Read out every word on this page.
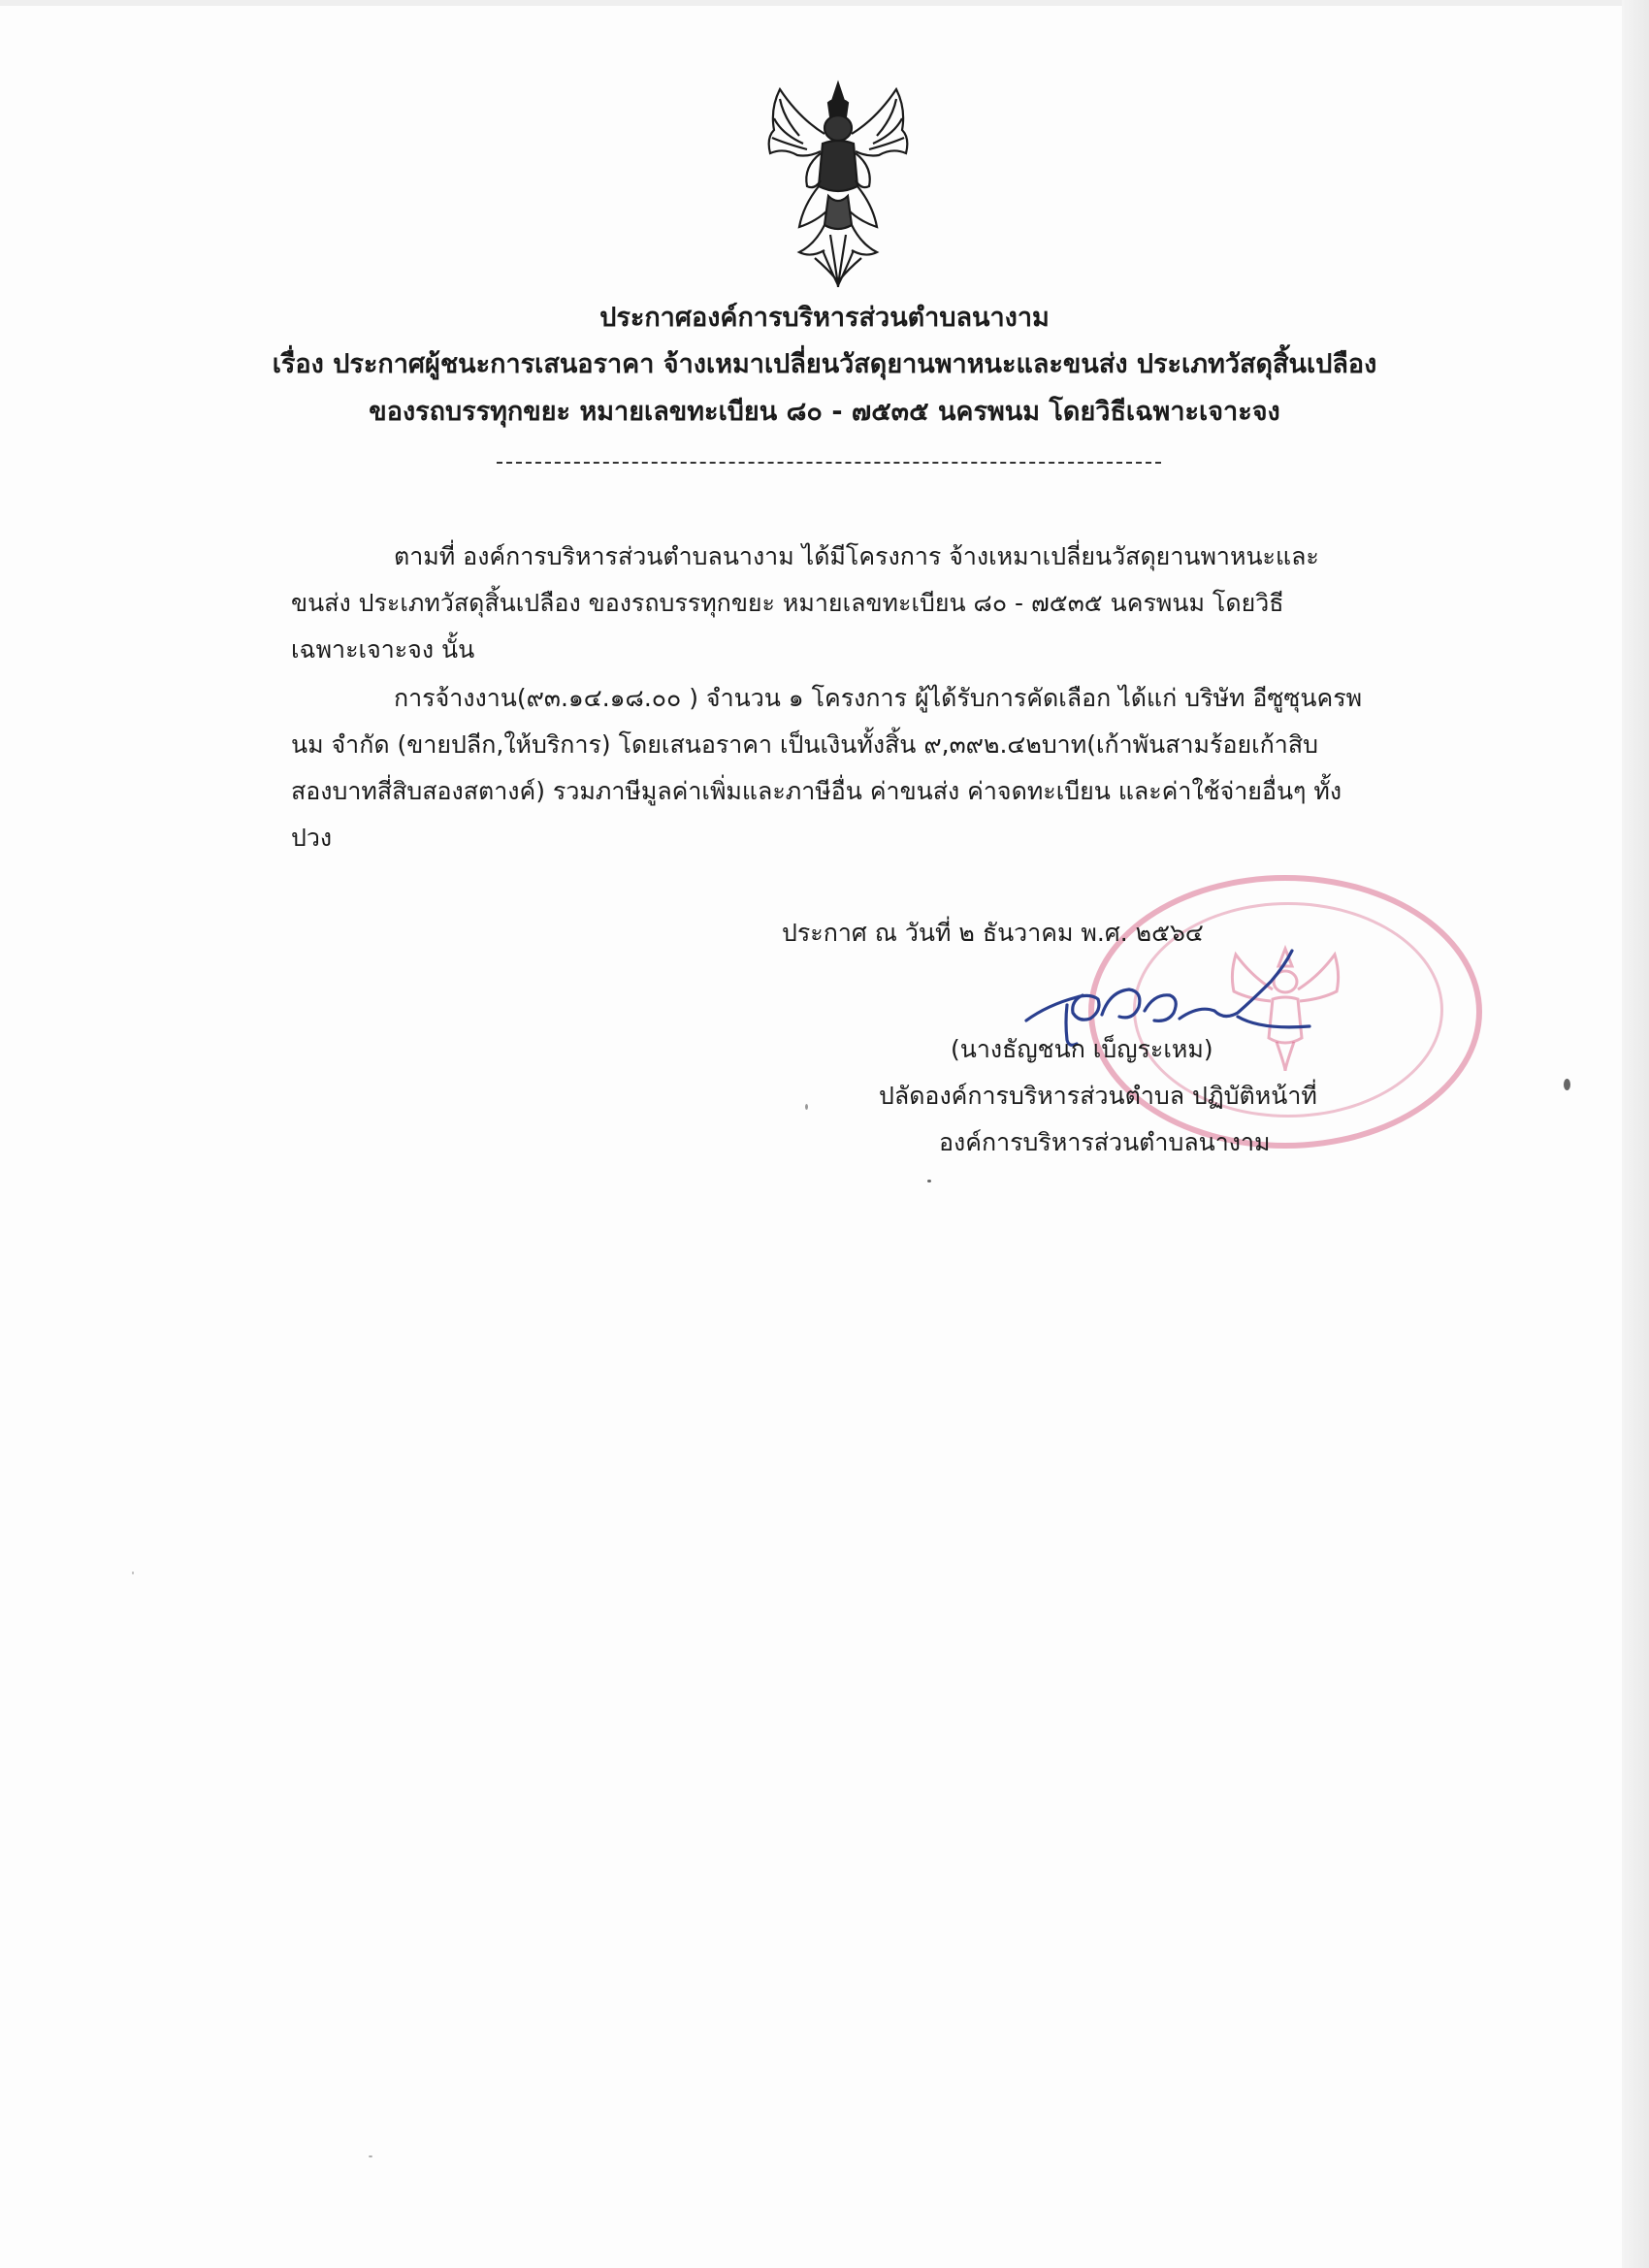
ประกาศองค์การบริหารส่วนตำบลนางาม
เรื่อง ประกาศผู้ชนะการเสนอราคา จ้างเหมาเปลี่ยนวัสดุยานพาหนะและขนส่ง ประเภทวัสดุสิ้นเปลือง
ของรถบรรทุกขยะ หมายเลขทะเบียน ๘๐ - ๗๕๓๕ นครพนม โดยวิธีเฉพาะเจาะจง
ตามที่ องค์การบริหารส่วนตำบลนางาม ได้มีโครงการ จ้างเหมาเปลี่ยนวัสดุยานพาหนะและ
ขนส่ง ประเภทวัสดุสิ้นเปลือง ของรถบรรทุกขยะ หมายเลขทะเบียน ๘๐ - ๗๕๓๕ นครพนม โดยวิธี
เฉพาะเจาะจง นั้น
การจ้างงาน(๙๓.๑๔.๑๘.๐๐ ) จำนวน ๑ โครงการ ผู้ได้รับการคัดเลือก ได้แก่ บริษัท อีซูซุนครพ
นม จำกัด (ขายปลีก,ให้บริการ) โดยเสนอราคา เป็นเงินทั้งสิ้น ๙,๓๙๒.๔๒บาท(เก้าพันสามร้อยเก้าสิบ
สองบาทสี่สิบสองสตางค์) รวมภาษีมูลค่าเพิ่มและภาษีอื่น ค่าขนส่ง ค่าจดทะเบียน และค่าใช้จ่ายอื่นๆ ทั้ง
ปวง
ประกาศ ณ วันที่ ๒ ธันวาคม พ.ศ. ๒๕๖๔
(นางธัญชนก เบ็ญระเหม)
ปลัดองค์การบริหารส่วนตำบล ปฏิบัติหน้าที่
องค์การบริหารส่วนตำบลนางาม
